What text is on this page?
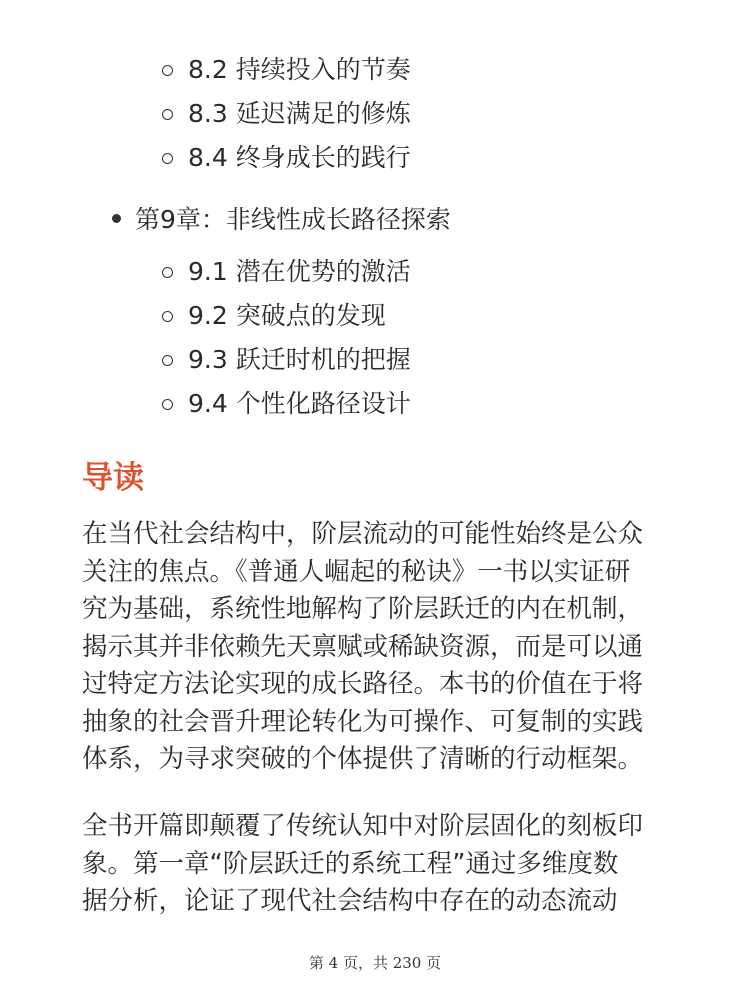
8.2
持续投入的节奏
8.3
延迟满足的修炼
8.4
终身成长的践行
第9章：非线性成长路径探索
9.1
潜在优势的激活
9.2
突破点的发现
9.3
跃迁时机的把握
9.4
个性化路径设计
导读

在当代社会结构中，阶层流动的可能性始终是公众
关注的焦点。《普通人崛起的秘诀》一书以实证研
究为基础，系统性地解构了阶层跃迁的内在机制，
揭示其并非依赖先天禀赋或稀缺资源，而是可以通
过特定方法论实现的成长路径。本书的价值在于将
抽象的社会晋升理论转化为可操作、可复制的实践
体系，为寻求突破的个体提供了清晰的行动框架。

全书开篇即颠覆了传统认知中对阶层固化的刻板印
象。第一章“阶层跃迁的系统工程”通过多维度数
据分析，论证了现代社会结构中存在的动态流动

第 4 页，共 230 页
